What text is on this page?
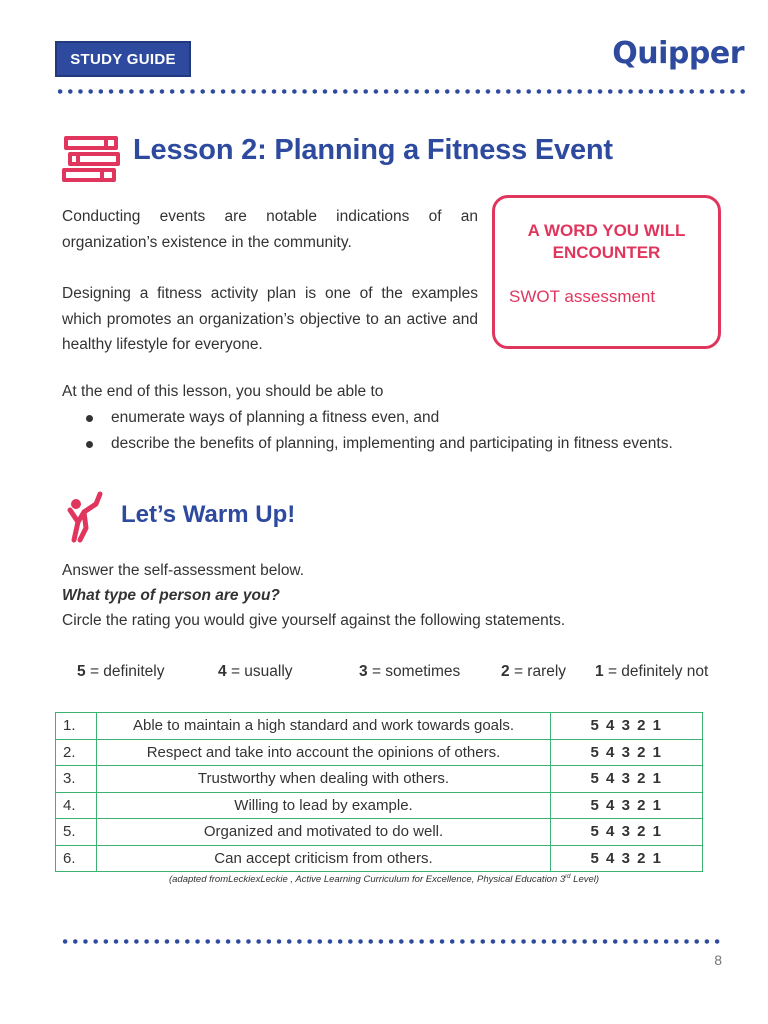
STUDY GUIDE	Quipper
Lesson 2: Planning a Fitness Event
Conducting events are notable indications of an organization’s existence in the community.
Designing a fitness activity plan is one of the examples which promotes an organization’s objective to an active and healthy lifestyle for everyone.
A WORD YOU WILL
ENCOUNTER
SWOT assessment
At the end of this lesson, you should be able to
enumerate ways of planning a fitness even, and
describe the benefits of planning, implementing and participating in fitness events.
Let’s Warm Up!
Answer the self-assessment below.
What type of person are you?
Circle the rating you would give yourself against the following statements.
5 = definitely	4 = usually	3 = sometimes	2 = rarely 1 = definitely not
1.	Able to maintain a high standard and work towards goals.	5 4 3 2 1
2.	Respect and take into account the opinions of others.	5 4 3 2 1
3.	Trustworthy when dealing with others.	5 4 3 2 1
4.	Willing to lead by example.	5 4 3 2 1
5.	Organized and motivated to do well.	5 4 3 2 1
6.	Can accept criticism from others.	5 4 3 2 1
(adapted fromLeckiexLeckie , Active Learning Curriculum for Excellence, Physical Education 3rd Level)
8
